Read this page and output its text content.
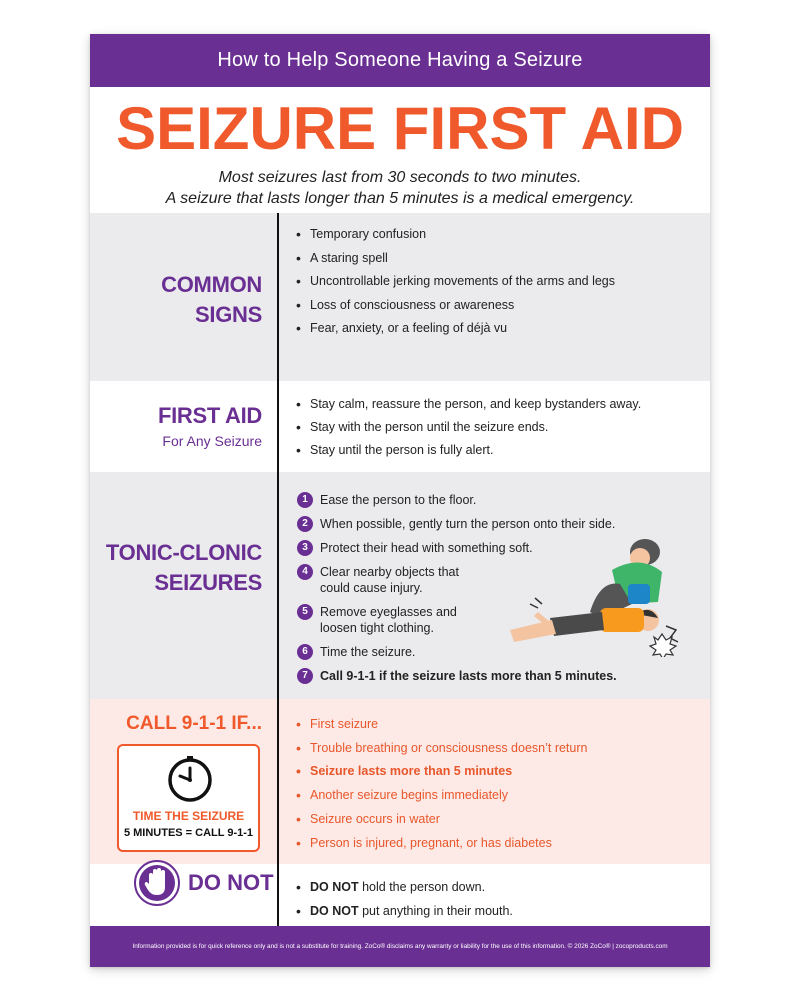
How to Help Someone Having a Seizure
SEIZURE FIRST AID
Most seizures last from 30 seconds to two minutes.
A seizure that lasts longer than 5 minutes is a medical emergency.
COMMON
SIGNS
• Temporary confusion
• A staring spell
• Uncontrollable jerking movements of the arms and legs
• Loss of consciousness or awareness
• Fear, anxiety, or a feeling of déjà vu
FIRST AID
For Any Seizure
• Stay calm, reassure the person, and keep bystanders away.
• Stay with the person until the seizure ends.
• Stay until the person is fully alert.
TONIC-CLONIC
SEIZURES
1 Ease the person to the floor.
2 When possible, gently turn the person onto their side.
3 Protect their head with something soft.
4 Clear nearby objects that could cause injury.
5 Remove eyeglasses and loosen tight clothing.
6 Time the seizure.
7 Call 9-1-1 if the seizure lasts more than 5 minutes.
CALL 9-1-1 IF...
TIME THE SEIZURE
5 MINUTES = CALL 9-1-1
• First seizure
• Trouble breathing or consciousness doesn’t return
• Seizure lasts more than 5 minutes
• Another seizure begins immediately
• Seizure occurs in water
• Person is injured, pregnant, or has diabetes
DO NOT
•	DO NOT hold the person down.
• DO NOT put anything in their mouth.
•
Information provided is for quick reference only and is not a substitute for training. ZoCo® disclaims any warranty or liability for the use of this information. © 2026 ZoCo® | zocoproducts.com
